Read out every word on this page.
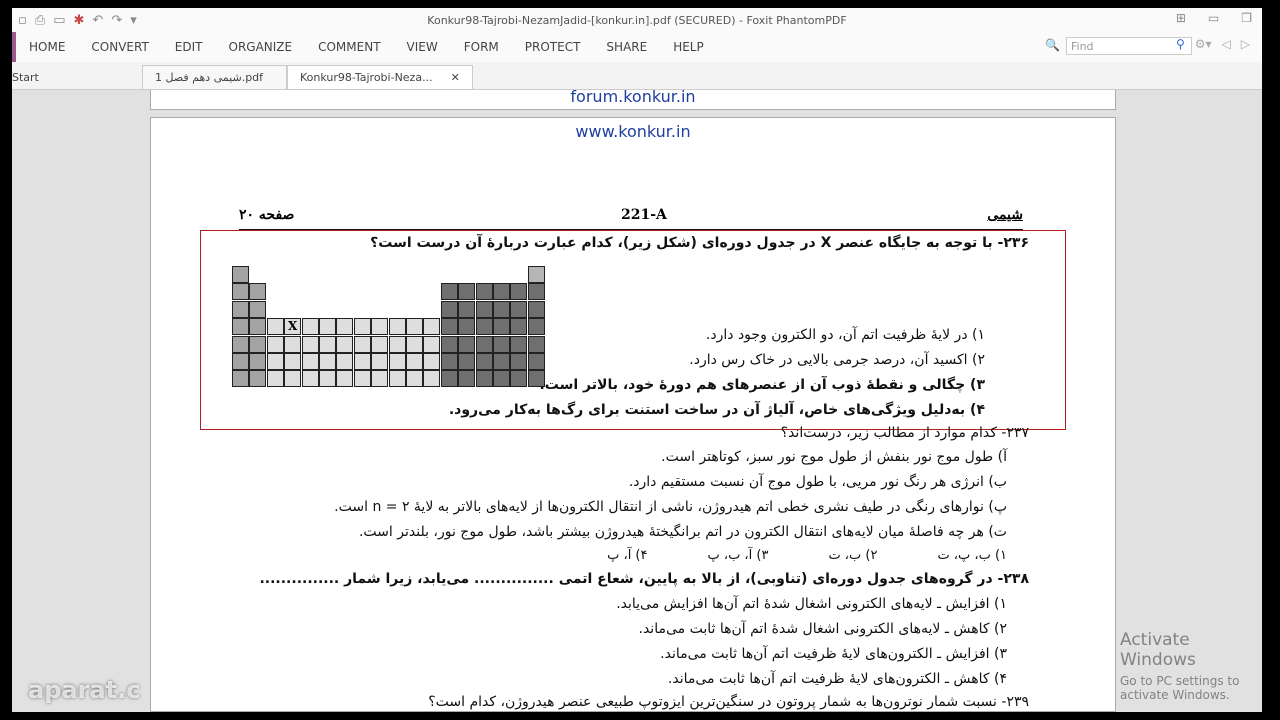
▫ ⎙ ▭ ✱ ↶ ↷ ▾	Konkur98-Tajrobi-NezamJadid-[konkur.in].pdf (SECURED) - Foxit PhantomPDF	⊞ ▭ ❐
HOME	CONVERT	EDIT	ORGANIZE	COMMENT	VIEW	FORM	PROTECT	SHARE	HELP	🔍	Find	⚲ ⚙▾ ◁ ▷
Start	شیمی دهم فصل 1.pdf	Konkur98-Tajrobi-Neza... ✕
forum.konkur.in
www.konkur.in
صفحه ۲۰	221-A	شیمی
۲۳۶- با توجه به جایگاه عنصر X در جدول دوره‌ای (شکل زیر)، کدام عبارت دربارهٔ آن درست است؟
X
۱) در لایهٔ ظرفیت اتم آن، دو الکترون وجود دارد.
۲) اکسید آن، درصد جرمی بالایی در خاک رس دارد.
۳) چگالی و نقطهٔ ذوب آن از عنصرهای هم دورهٔ خود، بالاتر است.
۴) به‌دلیل ویژگی‌های خاص، آلیاژ آن در ساخت استنت برای رگ‌ها به‌کار می‌رود.
۲۳۷- کدام موارد از مطالب زیر، درست‌اند؟
آ) طول موج نور بنفش از طول موج نور سبز، کوتاهتر است.
ب) انرژی هر رنگ نور مریی، با طول موج آن نسبت مستقیم دارد.
پ) نوارهای رنگی در طیف نشری خطی اتم هیدروژن، ناشی از انتقال الکترون‌ها از لایه‌های بالاتر به لایهٔ n = ۲ است.
ت) هر چه فاصلهٔ میان لایه‌های انتقال الکترون در اتم برانگیختهٔ هیدروژن بیشتر باشد، طول موج نور، بلندتر است.
۱) ب، پ، ت
۲) ب، ت
۳) آ، ب، پ
۴) آ، پ
۲۳۸- در گروه‌های جدول دوره‌ای (تناوبی)، از بالا به پایین، شعاع اتمی ............... می‌یابد، زیرا شمار ...............
۱) افزایش ـ لایه‌های الکترونی اشغال شدهٔ اتم آن‌ها افزایش می‌یابد.
۲) کاهش ـ لایه‌های الکترونی اشغال شدهٔ اتم آن‌ها ثابت می‌ماند.
۳) افزایش ـ الکترون‌های لایهٔ ظرفیت اتم آن‌ها ثابت می‌ماند.
۴) کاهش ـ الکترون‌های لایهٔ ظرفیت اتم آن‌ها ثابت می‌ماند.
۲۳۹- نسبت شمار نوترون‌ها به شمار پروتون در سنگین‌ترین ایزوتوپ طبیعی عنصر هیدروژن، کدام است؟
aparat.c
Activate Windows
Go to PC settings to activate Windows.
